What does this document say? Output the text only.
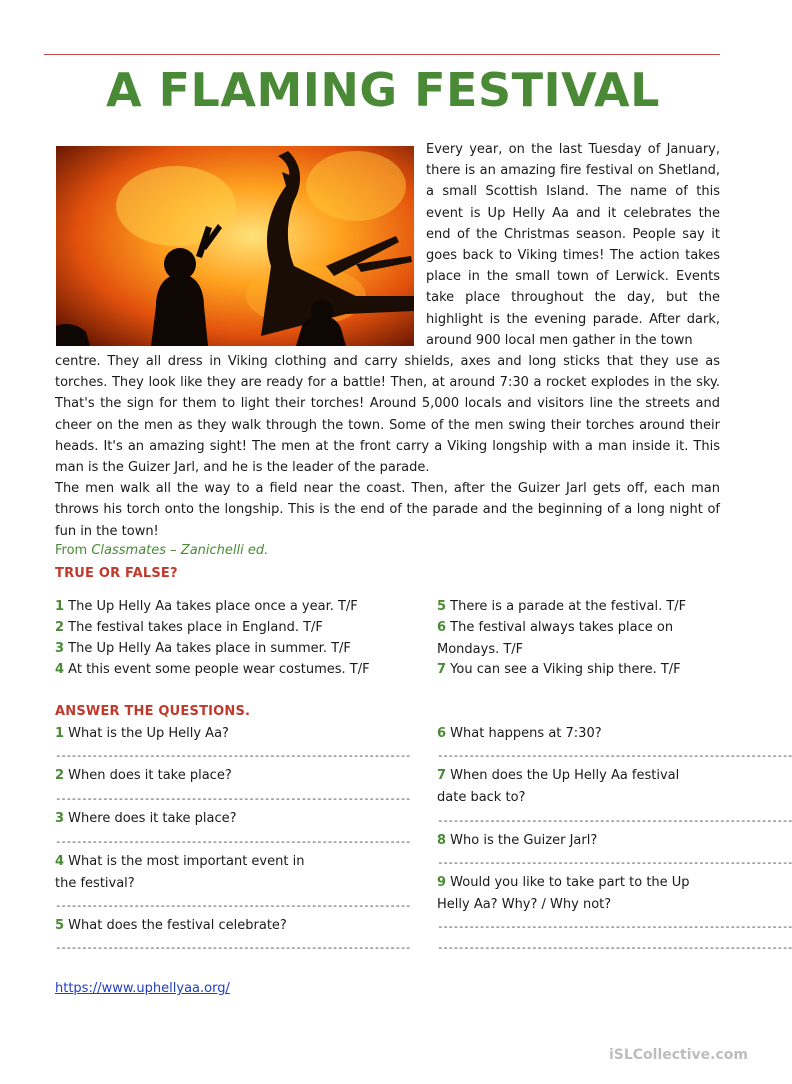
A FLAMING FESTIVAL
Every year, on the last Tuesday of January, there is an amazing fire festival on Shetland, a small Scottish Island. The name of this event is Up Helly Aa and it celebrates the end of the Christmas season. People say it goes back to Viking times! The action takes place in the small town of Lerwick. Events take place throughout the day, but the highlight is the evening parade. After dark, around 900 local men gather in the town

centre. They all dress in Viking clothing and carry shields, axes and long sticks that they use as torches. They look like they are ready for a battle! Then, at around 7:30 a rocket explodes in the sky. That's the sign for them to light their torches! Around 5,000 locals and visitors line the streets and cheer on the men as they walk through the town. Some of the men swing their torches around their heads. It's an amazing sight! The men at the front carry a Viking longship with a man inside it. This man is the Guizer Jarl, and he is the leader of the parade.

The men walk all the way to a field near the coast. Then, after the Guizer Jarl gets off, each man throws his torch onto the longship. This is the end of the parade and the beginning of a long night of fun in the town!

From Classmates – Zanichelli ed.
TRUE OR FALSE?
1 The Up Helly Aa takes place once a year. T/F
2 The festival takes place in England. T/F
3 The Up Helly Aa takes place in summer. T/F
4 At this event some people wear costumes. T/F
5 There is a parade at the festival. T/F
6 The festival always takes place on Mondays. T/F
7 You can see a Viking ship there. T/F
ANSWER THE QUESTIONS.
1 What is the Up Helly Aa?
--------------------------------------------------------------------
2 When does it take place?
--------------------------------------------------------------------
3 Where does it take place?
--------------------------------------------------------------------
4 What is the most important event in the festival?
--------------------------------------------------------------------
5 What does the festival celebrate?
--------------------------------------------------------------------
6 What happens at 7:30?
--------------------------------------------------------------------
7 When does the Up Helly Aa festival date back to?
--------------------------------------------------------------------
8 Who is the Guizer Jarl?
--------------------------------------------------------------------
9 Would you like to take part to the Up Helly Aa? Why? / Why not?
--------------------------------------------------------------------
--------------------------------------------------------------------
https://www.uphellyaa.org/
iSLCollective.com
